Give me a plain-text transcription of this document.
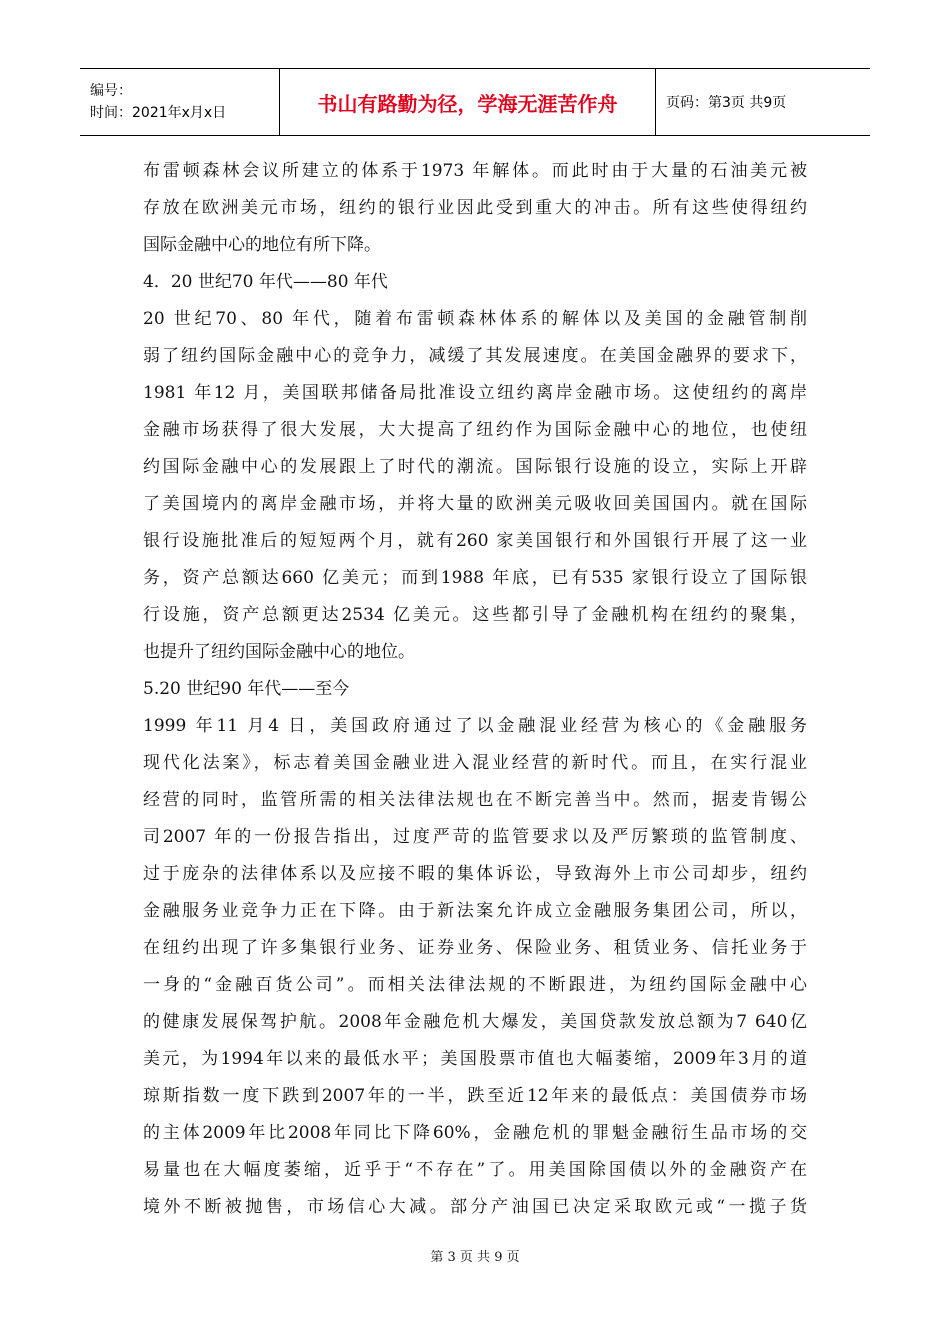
编号：
时间：2021年x月x日	书山有路勤为径，学海无涯苦作舟	页码：第3页 共9页
布雷顿森林会议所建立的体系于1973 年解体。而此时由于大量的石油美元被
存放在欧洲美元市场，纽约的银行业因此受到重大的冲击。所有这些使得纽约
国际金融中心的地位有所下降。
4．20 世纪70 年代——80 年代
20 世纪70、80 年代，随着布雷顿森林体系的解体以及美国的金融管制削
弱了纽约国际金融中心的竞争力，减缓了其发展速度。在美国金融界的要求下，
1981 年12 月，美国联邦储备局批准设立纽约离岸金融市场。这使纽约的离岸
金融市场获得了很大发展，大大提高了纽约作为国际金融中心的地位，也使纽
约国际金融中心的发展跟上了时代的潮流。国际银行设施的设立，实际上开辟
了美国境内的离岸金融市场，并将大量的欧洲美元吸收回美国国内。就在国际
银行设施批准后的短短两个月，就有260 家美国银行和外国银行开展了这一业
务，资产总额达660 亿美元；而到1988 年底，已有535 家银行设立了国际银
行设施，资产总额更达2534 亿美元。这些都引导了金融机构在纽约的聚集，
也提升了纽约国际金融中心的地位。
5.20 世纪90 年代——至今
1999 年11 月4 日，美国政府通过了以金融混业经营为核心的《金融服务
现代化法案》，标志着美国金融业进入混业经营的新时代。而且，在实行混业
经营的同时，监管所需的相关法律法规也在不断完善当中。然而，据麦肯锡公
司2007 年的一份报告指出，过度严苛的监管要求以及严厉繁琐的监管制度、
过于庞杂的法律体系以及应接不暇的集体诉讼，导致海外上市公司却步，纽约
金融服务业竞争力正在下降。由于新法案允许成立金融服务集团公司，所以，
在纽约出现了许多集银行业务、证券业务、保险业务、租赁业务、信托业务于
一身的“金融百货公司”。而相关法律法规的不断跟进，为纽约国际金融中心
的健康发展保驾护航。2008年金融危机大爆发，美国贷款发放总额为7 640亿
美元，为1994年以来的最低水平；美国股票市值也大幅萎缩，2009年3月的道
琼斯指数一度下跌到2007年的一半，跌至近12年来的最低点：美国债券市场
的主体2009年比2008年同比下降60%，金融危机的罪魁金融衍生品市场的交
易量也在大幅度萎缩，近乎于“不存在”了。用美国除国债以外的金融资产在
境外不断被抛售，市场信心大减。部分产油国已决定采取欧元或“一揽子货
第 3 页 共 9 页
